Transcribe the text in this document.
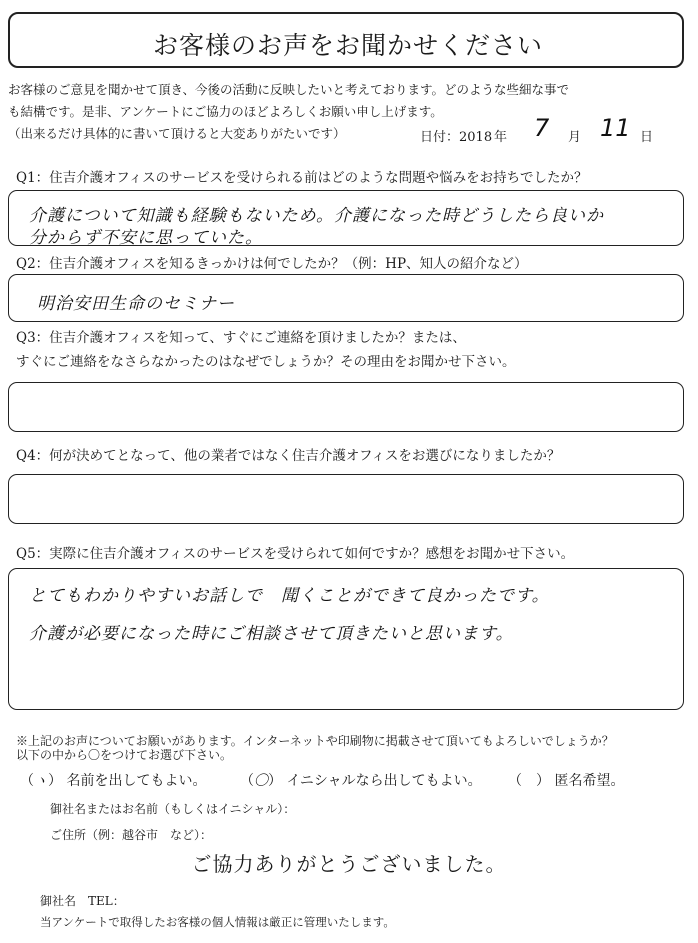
お客様のお声をお聞かせください
お客様のご意見を聞かせて頂き、今後の活動に反映したいと考えております。どのような些細な事で
も結構です。是非、アンケートにご協力のほどよろしくお願い申し上げます。
（出来るだけ具体的に書いて頂けると大変ありがたいです）	日付：2018 年 7 月 11 日
Q1：住吉介護オフィスのサービスを受けられる前はどのような問題や悩みをお持ちでしたか？
介護について知識も経験もないため。介護になった時どうしたら良いか
分からず不安に思っていた。
Q2：住吉介護オフィスを知るきっかけは何でしたか？（例：HP、知人の紹介など）
明治安田生命のセミナー
Q3：住吉介護オフィスを知って、すぐにご連絡を頂けましたか？または、
すぐにご連絡をなさらなかったのはなぜでしょうか？その理由をお聞かせ下さい。
Q4：何が決めてとなって、他の業者ではなく住吉介護オフィスをお選びになりましたか？
Q5：実際に住吉介護オフィスのサービスを受けられて如何ですか？感想をお聞かせ下さい。
とてもわかりやすいお話しで　聞くことができて良かったです。
介護が必要になった時にご相談させて頂きたいと思います。
※上記のお声についてお願いがあります。インターネットや印刷物に掲載させて頂いてもよろしいでしょうか？
以下の中から〇をつけてお選び下さい。
（ヽ） 名前を出してもよい。 （〇） イニシャルなら出してもよい。 （　） 匿名希望。
御社名またはお名前（もしくはイニシャル）：
ご住所（例：越谷市　など）：
ご協力ありがとうございました。
御社名　TEL：
当アンケートで取得したお客様の個人情報は厳正に管理いたします。
